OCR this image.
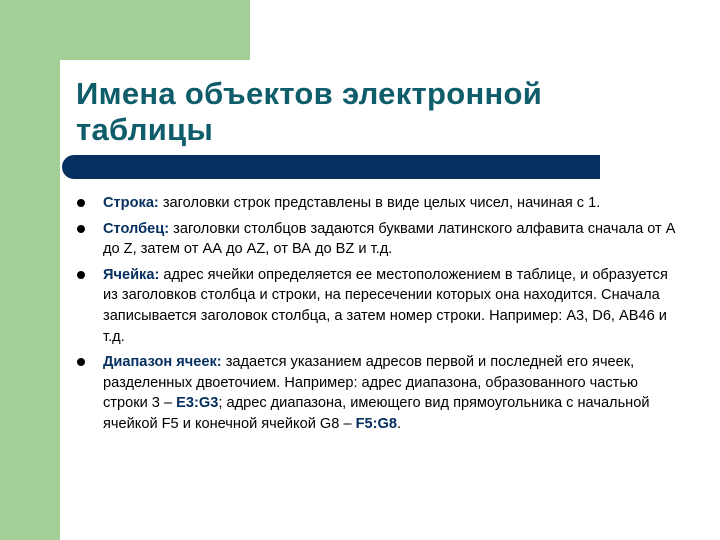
Имена объектов электронной таблицы
Строка: заголовки строк представлены в виде целых чисел, начиная с 1.
Столбец: заголовки столбцов задаются буквами латинского алфавита сначала от A до Z, затем от АА до AZ, от ВА до BZ и т.д.
Ячейка: адрес ячейки определяется ее местоположением в таблице, и образуется из заголовков столбца и строки, на пересечении которых она находится. Сначала записывается заголовок столбца, а затем номер строки. Например: А3, D6, АВ46 и т.д.
Диапазон ячеек: задается указанием адресов первой и последней его ячеек, разделенных двоеточием. Например: адрес диапазона, образованного частью строки 3 – E3:G3; адрес диапазона, имеющего вид прямоугольника с начальной ячейкой F5 и конечной ячейкой G8 – F5:G8.
